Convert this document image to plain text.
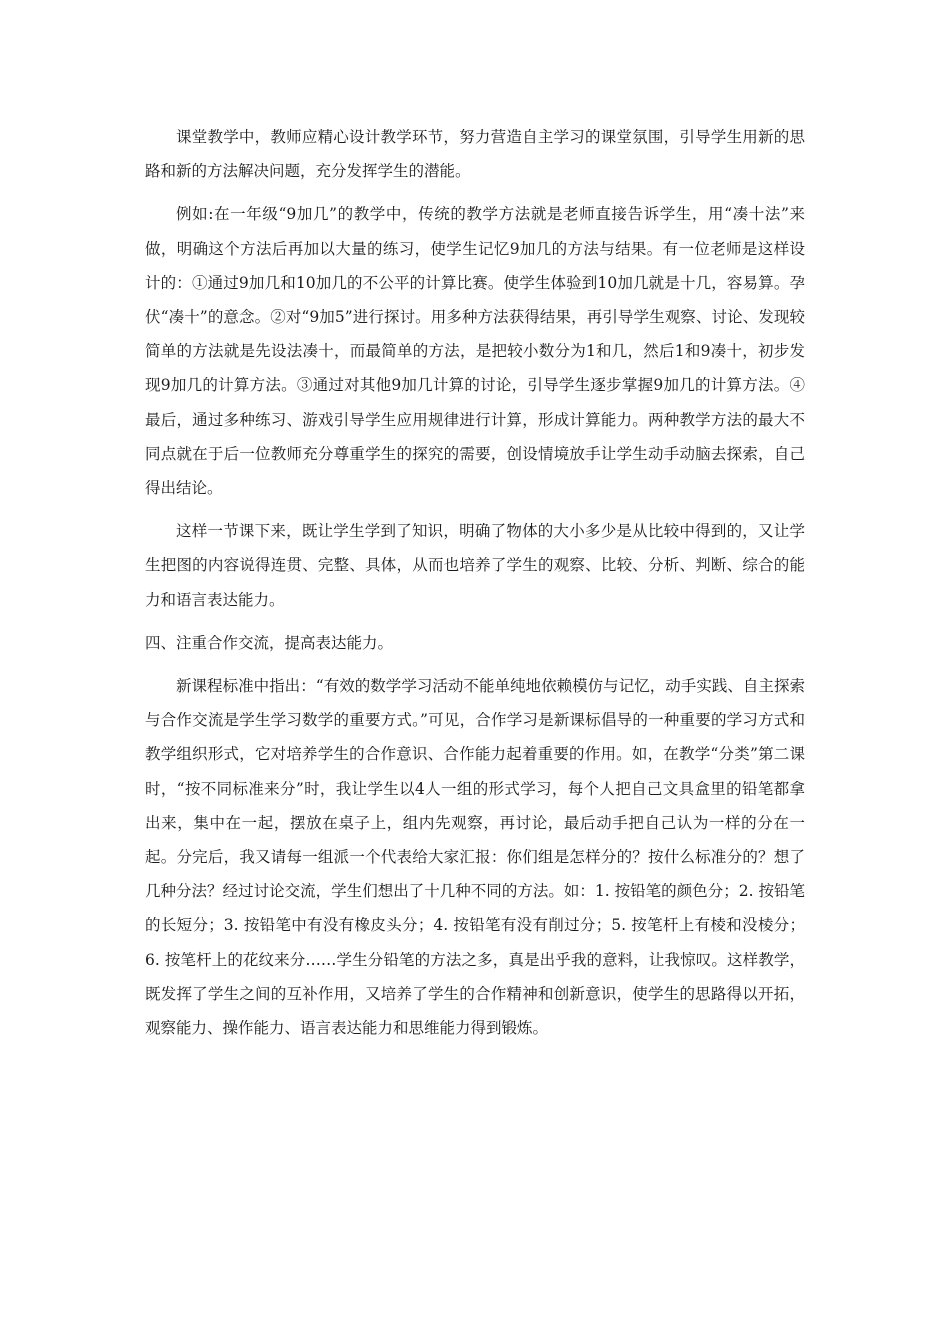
课堂教学中，教师应精心设计教学环节，努力营造自主学习的课堂氛围，引导学生用新的思路和新的方法解决问题，充分发挥学生的潜能。

例如:在一年级“9加几”的教学中，传统的教学方法就是老师直接告诉学生，用“凑十法”来做，明确这个方法后再加以大量的练习，使学生记忆9加几的方法与结果。有一位老师是这样设计的：①通过9加几和10加几的不公平的计算比赛。使学生体验到10加几就是十几，容易算。孕伏“凑十”的意念。②对“9加5”进行探讨。用多种方法获得结果，再引导学生观察、讨论、发现较简单的方法就是先设法凑十，而最简单的方法，是把较小数分为1和几，然后1和9凑十，初步发现9加几的计算方法。③通过对其他9加几计算的讨论，引导学生逐步掌握9加几的计算方法。④最后，通过多种练习、游戏引导学生应用规律进行计算，形成计算能力。两种教学方法的最大不同点就在于后一位教师充分尊重学生的探究的需要，创设情境放手让学生动手动脑去探索，自己得出结论。

这样一节课下来，既让学生学到了知识，明确了物体的大小多少是从比较中得到的，又让学生把图的内容说得连贯、完整、具体，从而也培养了学生的观察、比较、分析、判断、综合的能力和语言表达能力。

四、注重合作交流，提高表达能力。

新课程标准中指出：“有效的数学学习活动不能单纯地依赖模仿与记忆，动手实践、自主探索与合作交流是学生学习数学的重要方式。”可见，合作学习是新课标倡导的一种重要的学习方式和教学组织形式，它对培养学生的合作意识、合作能力起着重要的作用。如，在教学“分类”第二课时，“按不同标准来分”时，我让学生以4人一组的形式学习，每个人把自己文具盒里的铅笔都拿出来，集中在一起，摆放在桌子上，组内先观察，再讨论，最后动手把自己认为一样的分在一起。分完后，我又请每一组派一个代表给大家汇报：你们组是怎样分的？按什么标准分的？想了几种分法？经过讨论交流，学生们想出了十几种不同的方法。如：1. 按铅笔的颜色分；2. 按铅笔的长短分；3. 按铅笔中有没有橡皮头分；4. 按铅笔有没有削过分；5. 按笔杆上有棱和没棱分；6. 按笔杆上的花纹来分……学生分铅笔的方法之多，真是出乎我的意料，让我惊叹。这样教学，既发挥了学生之间的互补作用，又培养了学生的合作精神和创新意识，使学生的思路得以开拓，观察能力、操作能力、语言表达能力和思维能力得到锻炼。
